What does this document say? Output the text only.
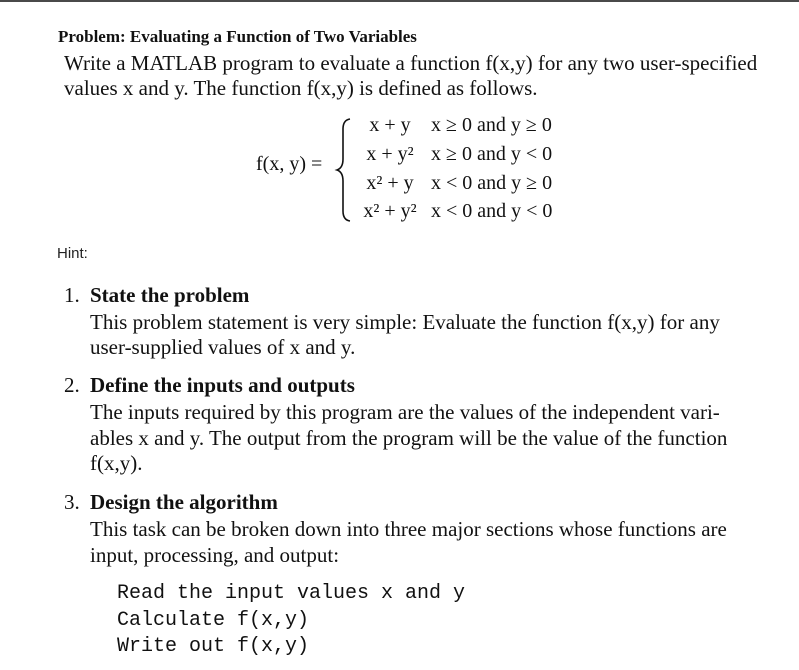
Problem: Evaluating a Function of Two Variables
Write a MATLAB program to evaluate a function f(x,y) for any two user-specified
values x and y. The function f(x,y) is defined as follows.
f(x, y) =
x + y	x ≥ 0 and y ≥ 0
x + y² x ≥ 0 and y < 0
x² + y x < 0 and y ≥ 0
x² + y² x < 0 and y < 0
Hint:
1. State the problem
This problem statement is very simple: Evaluate the function f(x,y) for any
user-supplied values of x and y.
2. Define the inputs and outputs
The inputs required by this program are the values of the independent vari-
ables x and y. The output from the program will be the value of the function
f(x,y).
3. Design the algorithm
This task can be broken down into three major sections whose functions are
input, processing, and output:
Read the input values x and y
Calculate f(x,y)
Write out f(x,y)
